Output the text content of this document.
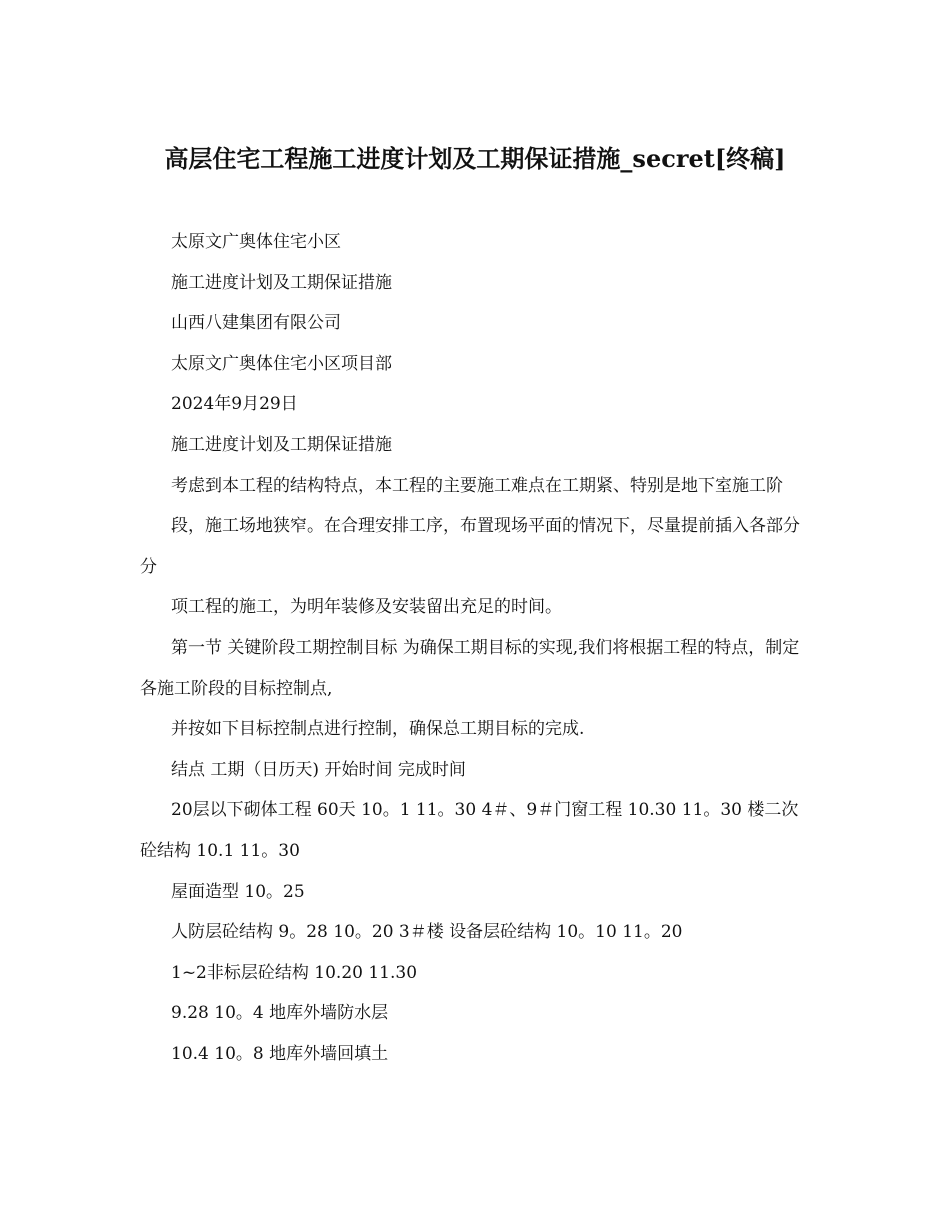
高层住宅工程施工进度计划及工期保证措施_secret[终稿]

太原文广奥体住宅小区

施工进度计划及工期保证措施

山西八建集团有限公司

太原文广奥体住宅小区项目部

2024年9月29日

施工进度计划及工期保证措施

考虑到本工程的结构特点，本工程的主要施工难点在工期紧、特别是地下室施工阶

段，施工场地狭窄。在合理安排工序，布置现场平面的情况下，尽量提前插入各部分分

项工程的施工，为明年装修及安装留出充足的时间。

第一节 关键阶段工期控制目标 为确保工期目标的实现,我们将根据工程的特点，制定各施工阶段的目标控制点,

并按如下目标控制点进行控制，确保总工期目标的完成.

结点 工期（日历天) 开始时间 完成时间

20层以下砌体工程 60天 10。1 11。30 4＃、9＃门窗工程 10.30 11。30 楼二次砼结构 10.1 11。30

屋面造型 10。25

人防层砼结构 9。28 10。20 3＃楼 设备层砼结构 10。10 11。20

1~2非标层砼结构 10.20 11.30

9.28 10。4 地库外墙防水层

10.4 10。8 地库外墙回填土
